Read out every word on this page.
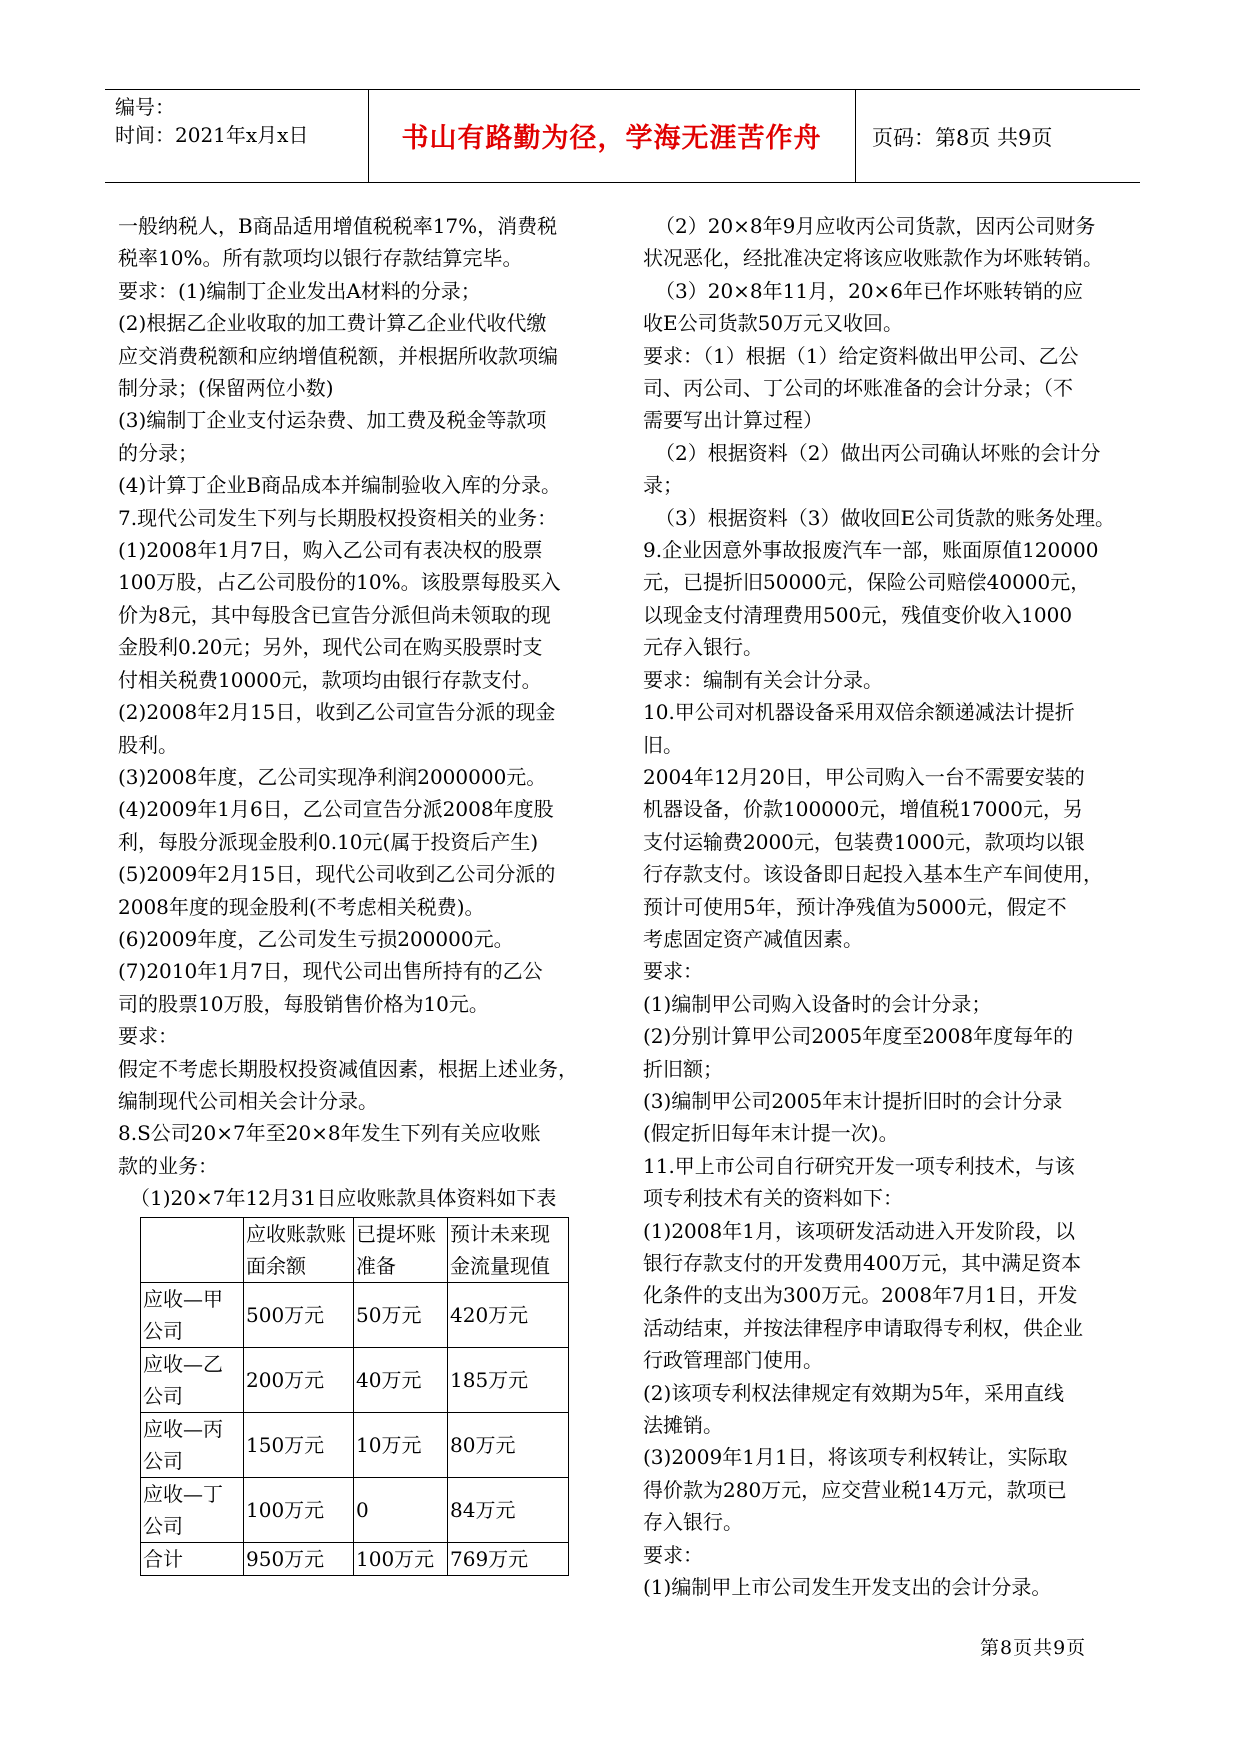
编号：
时间：2021年x月x日	书山有路勤为径，学海无涯苦作舟	页码：第8页 共9页

一般纳税人，B商品适用增值税税率17%，消费税

税率10%。所有款项均以银行存款结算完毕。

要求：(1)编制丁企业发出A材料的分录；

(2)根据乙企业收取的加工费计算乙企业代收代缴

应交消费税额和应纳增值税额，并根据所收款项编

制分录；(保留两位小数)

(3)编制丁企业支付运杂费、加工费及税金等款项

的分录；

(4)计算丁企业B商品成本并编制验收入库的分录。

7.现代公司发生下列与长期股权投资相关的业务：

(1)2008年1月7日，购入乙公司有表决权的股票

100万股，占乙公司股份的10%。该股票每股买入

价为8元，其中每股含已宣告分派但尚未领取的现

金股利0.20元；另外，现代公司在购买股票时支

付相关税费10000元，款项均由银行存款支付。

(2)2008年2月15日，收到乙公司宣告分派的现金

股利。

(3)2008年度，乙公司实现净利润2000000元。

(4)2009年1月6日，乙公司宣告分派2008年度股

利，每股分派现金股利0.10元(属于投资后产生)

(5)2009年2月15日，现代公司收到乙公司分派的

2008年度的现金股利(不考虑相关税费)。

(6)2009年度，乙公司发生亏损200000元。

(7)2010年1月7日，现代公司出售所持有的乙公

司的股票10万股，每股销售价格为10元。

要求：

假定不考虑长期股权投资减值因素，根据上述业务，

编制现代公司相关会计分录。

8.S公司20×7年至20×8年发生下列有关应收账

款的业务：

（1)20×7年12月31日应收账款具体资料如下表

	应收账款账面余额	已提坏账准备	预计未来现金流量现值
应收—甲公司	500万元	50万元	420万元
应收—乙公司	200万元	40万元	185万元
应收—丙公司	150万元	10万元	80万元
应收—丁公司	100万元	0	84万元
合计	950万元	100万元	769万元

（2）20×8年9月应收丙公司货款，因丙公司财务

状况恶化，经批准决定将该应收账款作为坏账转销。

（3）20×8年11月，20×6年已作坏账转销的应

收E公司货款50万元又收回。

要求：（1）根据（1）给定资料做出甲公司、乙公

司、丙公司、丁公司的坏账准备的会计分录；（不

需要写出计算过程）

（2）根据资料（2）做出丙公司确认坏账的会计分

录；

（3）根据资料（3）做收回E公司货款的账务处理。

9.企业因意外事故报废汽车一部，账面原值120000

元，已提折旧50000元，保险公司赔偿40000元，

以现金支付清理费用500元，残值变价收入1000

元存入银行。

要求：编制有关会计分录。

10.甲公司对机器设备采用双倍余额递减法计提折

旧。

2004年12月20日，甲公司购入一台不需要安装的

机器设备，价款100000元，增值税17000元，另

支付运输费2000元，包装费1000元，款项均以银

行存款支付。该设备即日起投入基本生产车间使用，

预计可使用5年，预计净残值为5000元，假定不

考虑固定资产减值因素。

要求：

(1)编制甲公司购入设备时的会计分录；

(2)分别计算甲公司2005年度至2008年度每年的

折旧额；

(3)编制甲公司2005年末计提折旧时的会计分录

(假定折旧每年末计提一次)。

11.甲上市公司自行研究开发一项专利技术，与该

项专利技术有关的资料如下：

(1)2008年1月，该项研发活动进入开发阶段，以

银行存款支付的开发费用400万元，其中满足资本

化条件的支出为300万元。2008年7月1日，开发

活动结束，并按法律程序申请取得专利权，供企业

行政管理部门使用。

(2)该项专利权法律规定有效期为5年，采用直线

法摊销。

(3)2009年1月1日，将该项专利权转让，实际取

得价款为280万元，应交营业税14万元，款项已

存入银行。

要求：

(1)编制甲上市公司发生开发支出的会计分录。

第8页共9页
